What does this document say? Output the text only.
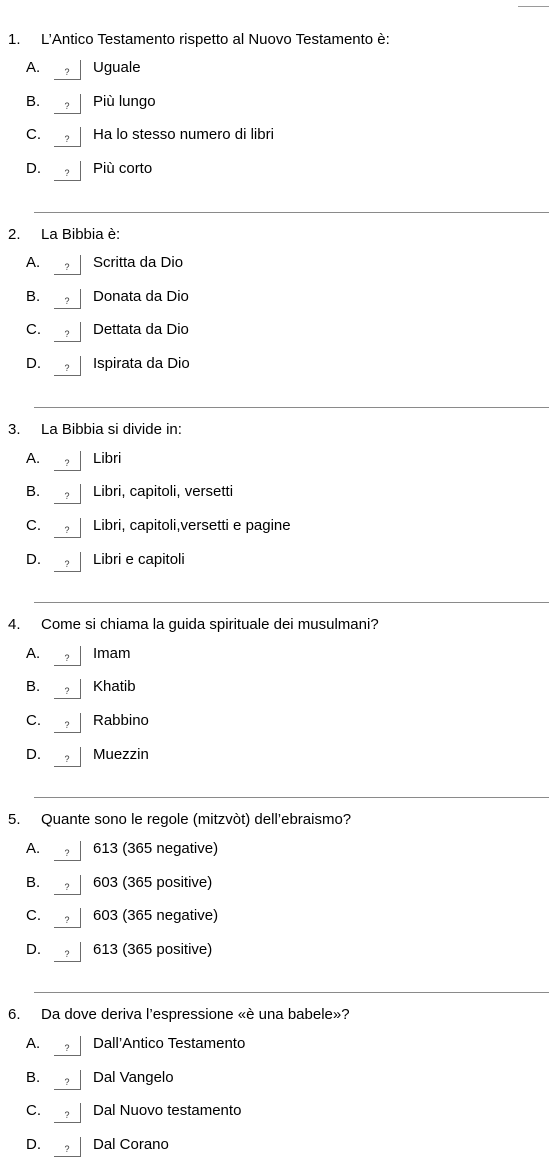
1. L’Antico Testamento rispetto al Nuovo Testamento è:
A.	?	Uguale
B.	?	Più lungo
C.	?	Ha lo stesso numero di libri
D.	?	Più corto
2. La Bibbia è:
A.	?	Scritta da Dio
B.	?	Donata da Dio
C.	?	Dettata da Dio
D.	?	Ispirata da Dio
3. La Bibbia si divide in:
A.	?	Libri
B.	?	Libri, capitoli, versetti
C.	?	Libri, capitoli,versetti e pagine
D.	?	Libri e capitoli
4. Come si chiama la guida spirituale dei musulmani?
A.	?	Imam
B.	?	Khatib
C.	?	Rabbino
D.	?	Muezzin
5. Quante sono le regole (mitzvòt) dell’ebraismo?
A.	?	613 (365 negative)
B.	?	603 (365 positive)
C.	?	603 (365 negative)
D.	?	613 (365 positive)
6. Da dove deriva l’espressione «è una babele»?
A.	?	Dall’Antico Testamento
B.	?	Dal Vangelo
C.	?	Dal Nuovo testamento
D.	?	Dal Corano
